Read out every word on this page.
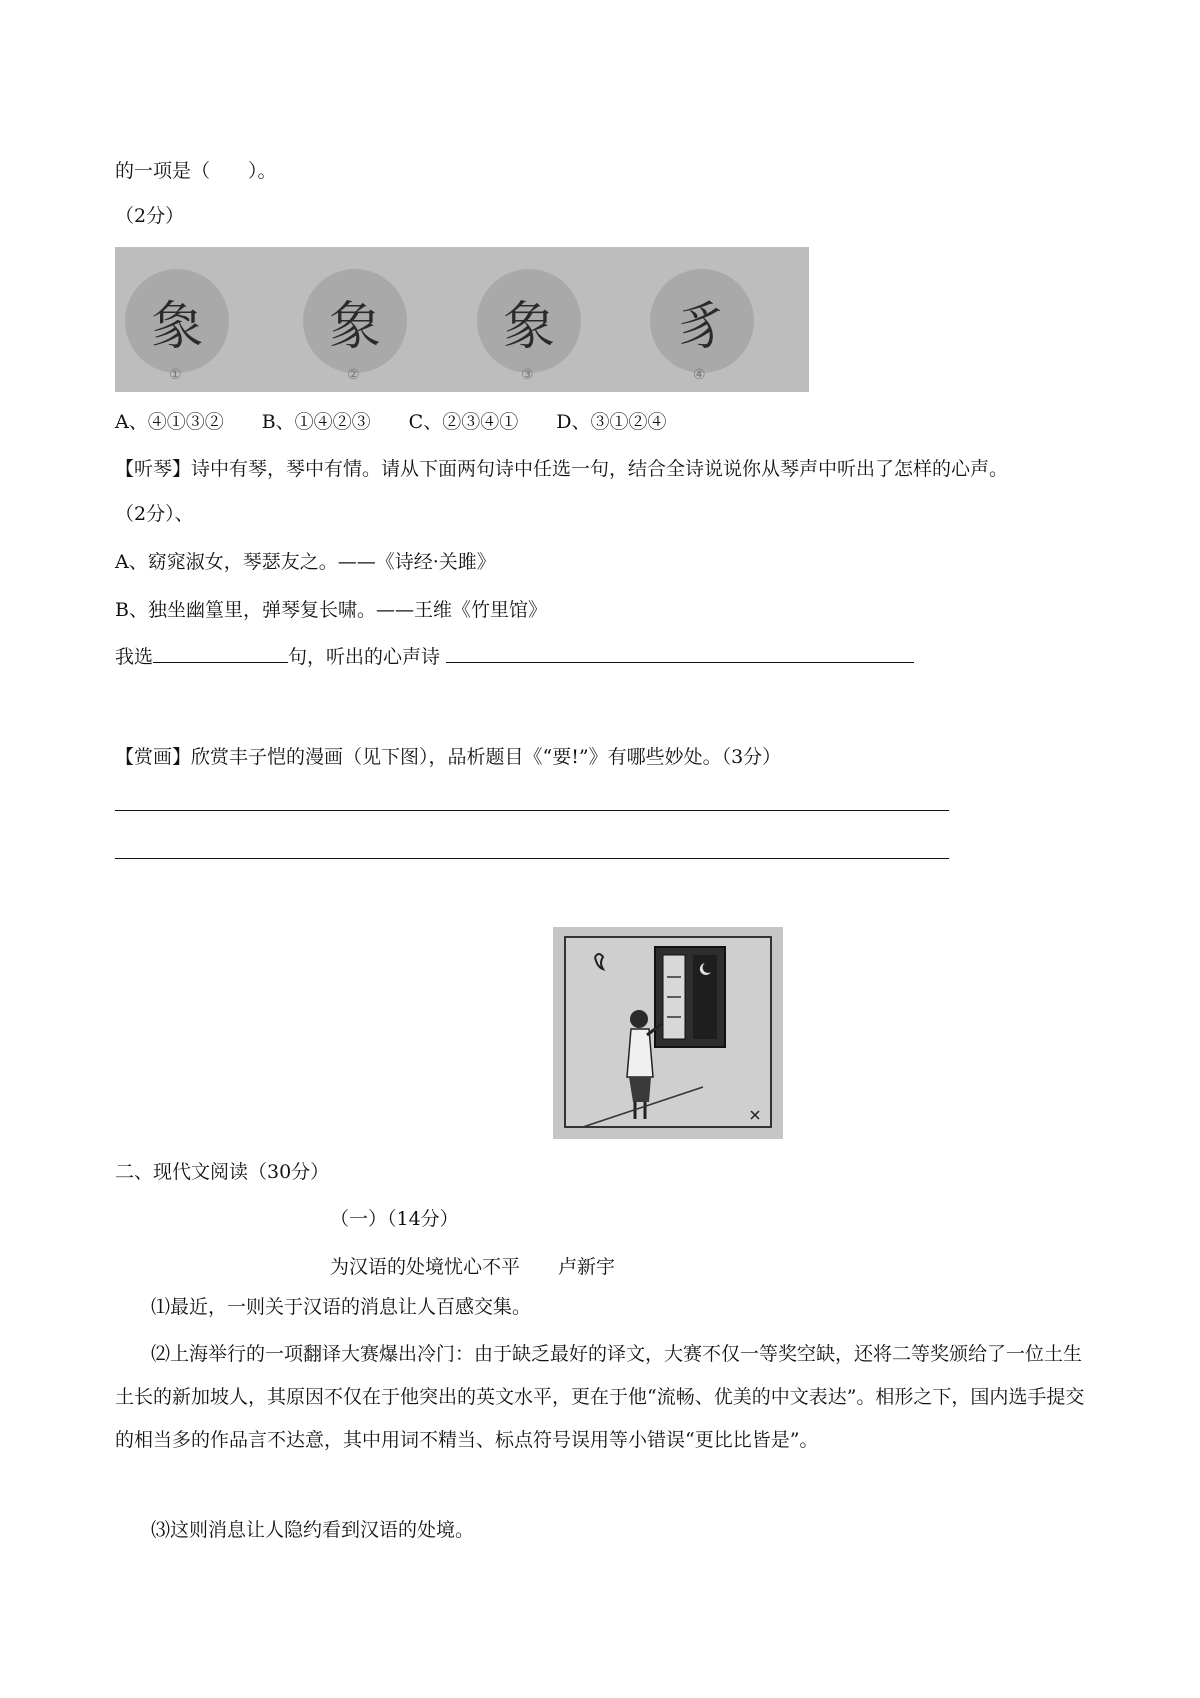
的一项是（　　）。
（2分）
𧰼	象	象	豸
①	②	③	④
A、④①③②　　B、①④②③　　C、②③④①　　D、③①②④
【听琴】诗中有琴，琴中有情。请从下面两句诗中任选一句，结合全诗说说你从琴声中听出了怎样的心声。
（2分）、
A、窈窕淑女，琴瑟友之。——《诗经·关雎》
B、独坐幽篁里，弹琴复长啸。——王维《竹里馆》
我选	句，听出的心声诗
【赏画】欣赏丰子恺的漫画（见下图），品析题目《“要!”》有哪些妙处。（3分）
二、现代文阅读（30分）
（一）（14分）
为汉语的处境忧心不平　　卢新宇
⑴最近，一则关于汉语的消息让人百感交集。
⑵上海举行的一项翻译大赛爆出冷门：由于缺乏最好的译文，大赛不仅一等奖空缺，还将二等奖颁给了一位土生土长的新加坡人，其原因不仅在于他突出的英文水平，更在于他“流畅、优美的中文表达”。相形之下，国内选手提交的相当多的作品言不达意，其中用词不精当、标点符号误用等小错误“更比比皆是”。
⑶这则消息让人隐约看到汉语的处境。
